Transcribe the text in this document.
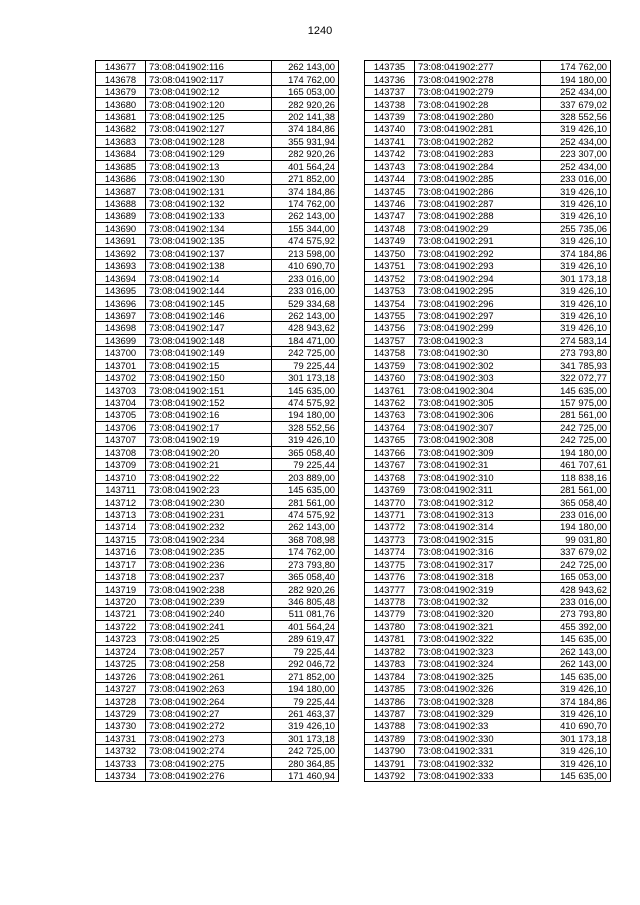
1240
143677	73:08:041902:116	262 143,00
143678	73:08:041902:117	174 762,00
143679	73:08:041902:12	165 053,00
143680	73:08:041902:120	282 920,26
143681	73:08:041902:125	202 141,38
143682	73:08:041902:127	374 184,86
143683	73:08:041902:128	355 931,94
143684	73:08:041902:129	282 920,26
143685	73:08:041902:13	401 564,24
143686	73:08:041902:130	271 852,00
143687	73:08:041902:131	374 184,86
143688	73:08:041902:132	174 762,00
143689	73:08:041902:133	262 143,00
143690	73:08:041902:134	155 344,00
143691	73:08:041902:135	474 575,92
143692	73:08:041902:137	213 598,00
143693	73:08:041902:138	410 690,70
143694	73:08:041902:14	233 016,00
143695	73:08:041902:144	233 016,00
143696	73:08:041902:145	529 334,68
143697	73:08:041902:146	262 143,00
143698	73:08:041902:147	428 943,62
143699	73:08:041902:148	184 471,00
143700	73:08:041902:149	242 725,00
143701	73:08:041902:15	79 225,44
143702	73:08:041902:150	301 173,18
143703	73:08:041902:151	145 635,00
143704	73:08:041902:152	474 575,92
143705	73:08:041902:16	194 180,00
143706	73:08:041902:17	328 552,56
143707	73:08:041902:19	319 426,10
143708	73:08:041902:20	365 058,40
143709	73:08:041902:21	79 225,44
143710	73:08:041902:22	203 889,00
143711	73:08:041902:23	145 635,00
143712	73:08:041902:230	281 561,00
143713	73:08:041902:231	474 575,92
143714	73:08:041902:232	262 143,00
143715	73:08:041902:234	368 708,98
143716	73:08:041902:235	174 762,00
143717	73:08:041902:236	273 793,80
143718	73:08:041902:237	365 058,40
143719	73:08:041902:238	282 920,26
143720	73:08:041902:239	346 805,48
143721	73:08:041902:240	511 081,76
143722	73:08:041902:241	401 564,24
143723	73:08:041902:25	289 619,47
143724	73:08:041902:257	79 225,44
143725	73:08:041902:258	292 046,72
143726	73:08:041902:261	271 852,00
143727	73:08:041902:263	194 180,00
143728	73:08:041902:264	79 225,44
143729	73:08:041902:27	261 463,37
143730	73:08:041902:272	319 426,10
143731	73:08:041902:273	301 173,18
143732	73:08:041902:274	242 725,00
143733	73:08:041902:275	280 364,85
143734	73:08:041902:276	171 460,94
143735	73:08:041902:277	174 762,00
143736	73:08:041902:278	194 180,00
143737	73:08:041902:279	252 434,00
143738	73:08:041902:28	337 679,02
143739	73:08:041902:280	328 552,56
143740	73:08:041902:281	319 426,10
143741	73:08:041902:282	252 434,00
143742	73:08:041902:283	223 307,00
143743	73:08:041902:284	252 434,00
143744	73:08:041902:285	233 016,00
143745	73:08:041902:286	319 426,10
143746	73:08:041902:287	319 426,10
143747	73:08:041902:288	319 426,10
143748	73:08:041902:29	255 735,06
143749	73:08:041902:291	319 426,10
143750	73:08:041902:292	374 184,86
143751	73:08:041902:293	319 426,10
143752	73:08:041902:294	301 173,18
143753	73:08:041902:295	319 426,10
143754	73:08:041902:296	319 426,10
143755	73:08:041902:297	319 426,10
143756	73:08:041902:299	319 426,10
143757	73:08:041902:3	274 583,14
143758	73:08:041902:30	273 793,80
143759	73:08:041902:302	341 785,93
143760	73:08:041902:303	322 072,77
143761	73:08:041902:304	145 635,00
143762	73:08:041902:305	157 975,00
143763	73:08:041902:306	281 561,00
143764	73:08:041902:307	242 725,00
143765	73:08:041902:308	242 725,00
143766	73:08:041902:309	194 180,00
143767	73:08:041902:31	461 707,61
143768	73:08:041902:310	118 838,16
143769	73:08:041902:311	281 561,00
143770	73:08:041902:312	365 058,40
143771	73:08:041902:313	233 016,00
143772	73:08:041902:314	194 180,00
143773	73:08:041902:315	99 031,80
143774	73:08:041902:316	337 679,02
143775	73:08:041902:317	242 725,00
143776	73:08:041902:318	165 053,00
143777	73:08:041902:319	428 943,62
143778	73:08:041902:32	233 016,00
143779	73:08:041902:320	273 793,80
143780	73:08:041902:321	455 392,00
143781	73:08:041902:322	145 635,00
143782	73:08:041902:323	262 143,00
143783	73:08:041902:324	262 143,00
143784	73:08:041902:325	145 635,00
143785	73:08:041902:326	319 426,10
143786	73:08:041902:328	374 184,86
143787	73:08:041902:329	319 426,10
143788	73:08:041902:33	410 690,70
143789	73:08:041902:330	301 173,18
143790	73:08:041902:331	319 426,10
143791	73:08:041902:332	319 426,10
143792	73:08:041902:333	145 635,00
